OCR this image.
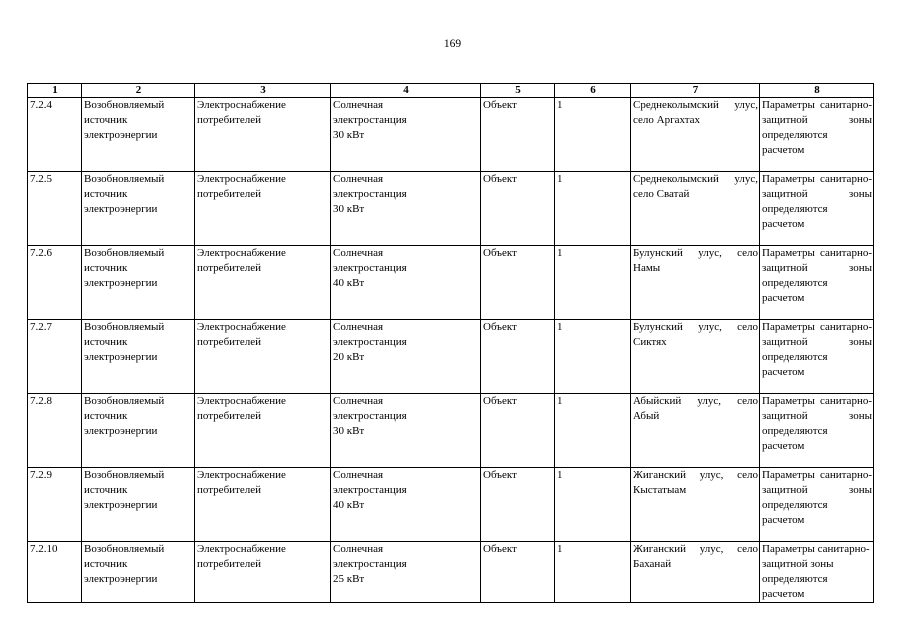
169
1	2	3	4	5	6	7	8

7.2.4	Возобновляемый
источник
электроэнергии	Электроснабжение
потребителей	Солнечная
электростанция
30 кВт	Объект	1	Среднеколымский улус, село Аргахтах	Параметры санитарно-защитной зоны определяются расчетом

7.2.5	Возобновляемый
источник
электроэнергии	Электроснабжение
потребителей	Солнечная
электростанция
30 кВт	Объект	1	Среднеколымский улус, село Сватай	Параметры санитарно-защитной зоны определяются расчетом

7.2.6	Возобновляемый
источник
электроэнергии	Электроснабжение
потребителей	Солнечная
электростанция
40 кВт	Объект	1	Булунский улус, село Намы	Параметры санитарно-защитной зоны определяются расчетом

7.2.7	Возобновляемый
источник
электроэнергии	Электроснабжение
потребителей	Солнечная
электростанция
20 кВт	Объект	1	Булунский улус, село Сиктях	Параметры санитарно-защитной зоны определяются расчетом

7.2.8	Возобновляемый
источник
электроэнергии	Электроснабжение
потребителей	Солнечная
электростанция
30 кВт	Объект	1	Абыйский улус, село Абый	Параметры санитарно-защитной зоны определяются расчетом

7.2.9	Возобновляемый
источник
электроэнергии	Электроснабжение
потребителей	Солнечная
электростанция
40 кВт	Объект	1	Жиганский улус, село Кыстатыам	Параметры санитарно-защитной зоны определяются расчетом

7.2.10	Возобновляемый
источник
электроэнергии	Электроснабжение
потребителей	Солнечная
электростанция
25 кВт	Объект	1	Жиганский улус, село Баханай	Параметры санитарно-защитной зоны определяются расчетом
